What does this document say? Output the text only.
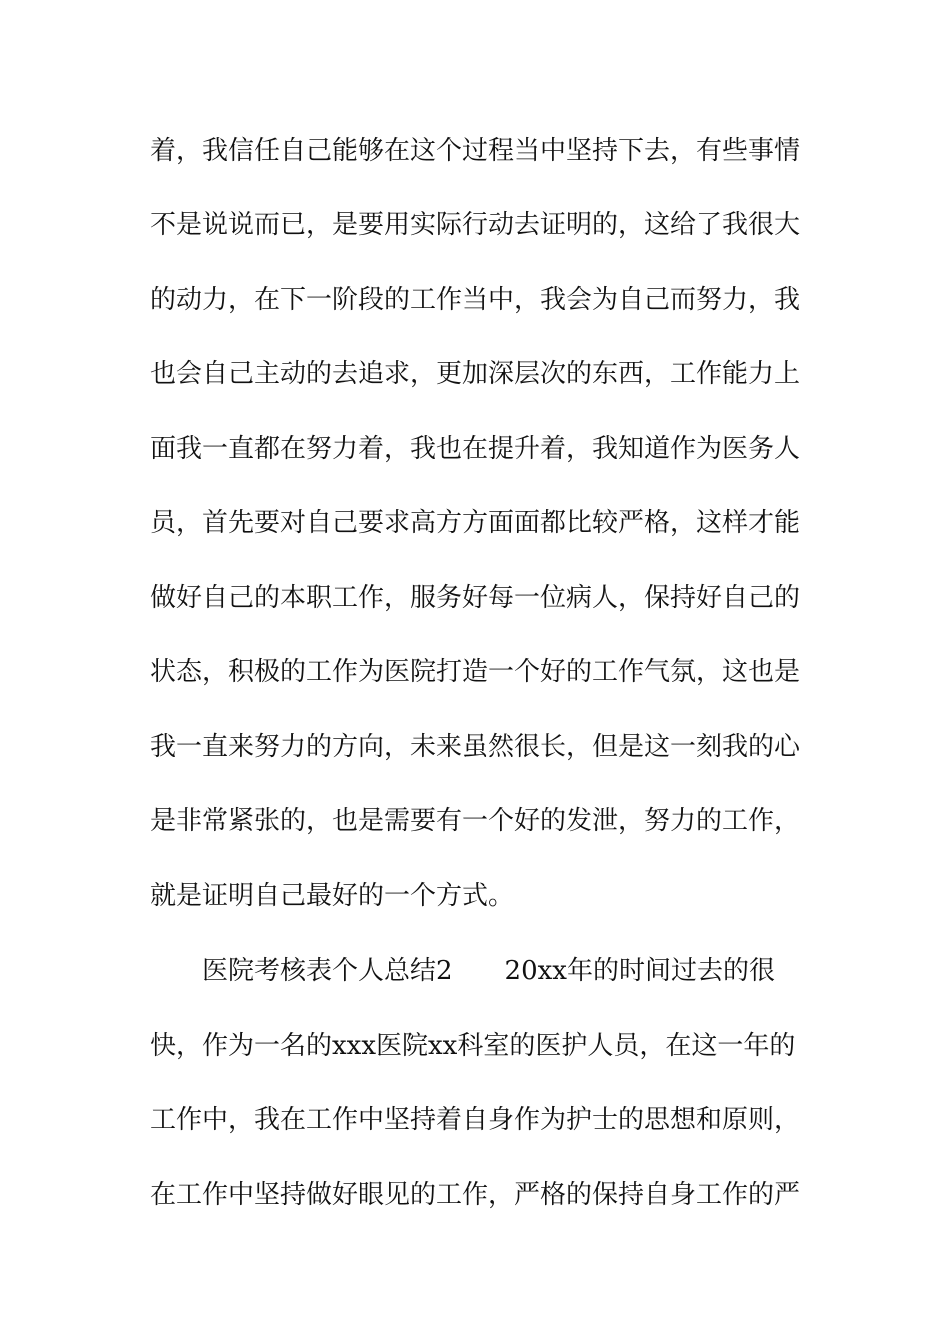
着，我信任自己能够在这个过程当中坚持下去，有些事情
不是说说而已，是要用实际行动去证明的，这给了我很大
的动力，在下一阶段的工作当中，我会为自己而努力，我
也会自己主动的去追求，更加深层次的东西，工作能力上
面我一直都在努力着，我也在提升着，我知道作为医务人
员，首先要对自己要求高方方面面都比较严格，这样才能
做好自己的本职工作，服务好每一位病人，保持好自己的
状态，积极的工作为医院打造一个好的工作气氛，这也是
我一直来努力的方向，未来虽然很长，但是这一刻我的心
是非常紧张的，也是需要有一个好的发泄，努力的工作，
就是证明自己最好的一个方式。
医院考核表个人总结2　　20xx年的时间过去的很
快，作为一名的xxx医院xx科室的医护人员，在这一年的
工作中，我在工作中坚持着自身作为护士的思想和原则，
在工作中坚持做好眼见的工作，严格的保持自身工作的严
